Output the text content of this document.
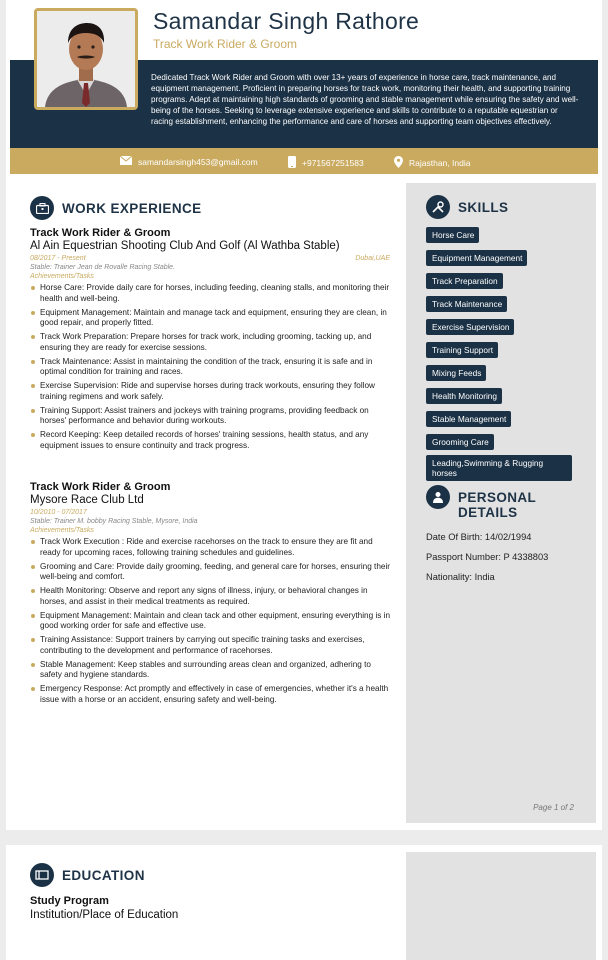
Dedicated Track Work Rider and Groom with over 13+ years of experience in horse care, track maintenance, and equipment management. Proficient in preparing horses for track work, monitoring their health, and supporting training programs. Adept at maintaining high standards of grooming and stable management while ensuring the safety and well-being of the horses. Seeking to leverage extensive experience and skills to contribute to a reputable equestrian or racing establishment, enhancing the performance and care of horses and supporting team objectives effectively.

Samandar Singh Rathore
Track Work Rider & Groom
samandarsingh453@gmail.com	+971567251583	Rajasthan, India
WORK EXPERIENCE
Track Work Rider & Groom
Al Ain Equestrian Shooting Club And Golf (Al Wathba Stable)
08/2017 - Present	Dubai,UAE
Stable: Trainer Jean de Rovalle Racing Stable.
Achievements/Tasks
Horse Care: Provide daily care for horses, including feeding, cleaning stalls, and monitoring their health and well-being.
Equipment Management: Maintain and manage tack and equipment, ensuring they are clean, in good repair, and properly fitted.
Track Work Preparation: Prepare horses for track work, including grooming, tacking up, and ensuring they are ready for exercise sessions.
Track Maintenance: Assist in maintaining the condition of the track, ensuring it is safe and in optimal condition for training and races.
Exercise Supervision: Ride and supervise horses during track workouts, ensuring they follow training regimens and work safely.
Training Support: Assist trainers and jockeys with training programs, providing feedback on horses' performance and behavior during workouts.
Record Keeping: Keep detailed records of horses' training sessions, health status, and any equipment issues to ensure continuity and track progress.
Track Work Rider & Groom
Mysore Race Club Ltd
10/2010 - 07/2017
Stable: Trainer M. bobby Racing Stable, Mysore, India
Achievements/Tasks
Track Work Execution : Ride and exercise racehorses on the track to ensure they are fit and ready for upcoming races, following training schedules and guidelines.
Grooming and Care: Provide daily grooming, feeding, and general care for horses, ensuring their well-being and comfort.
Health Monitoring: Observe and report any signs of illness, injury, or behavioral changes in horses, and assist in their medical treatments as required.
Equipment Management: Maintain and clean tack and other equipment, ensuring everything is in good working order for safe and effective use.
Training Assistance: Support trainers by carrying out specific training tasks and exercises, contributing to the development and performance of racehorses.
Stable Management: Keep stables and surrounding areas clean and organized, adhering to safety and hygiene standards.
Emergency Response: Act promptly and effectively in case of emergencies, whether it's a health issue with a horse or an accident, ensuring safety and well-being.
SKILLS
Horse Care
Equipment Management
Track Preparation
Track Maintenance
Exercise Supervision
Training Support
Mixing Feeds
Health Monitoring
Stable Management
Grooming Care
Leading,Swimming & Rugging
horses
PERSONAL
DETAILS
Date Of Birth: 14/02/1994
Passport Number: P 4338803
Nationality: India
Page 1 of 2
EDUCATION
Study Program
Institution/Place of Education
